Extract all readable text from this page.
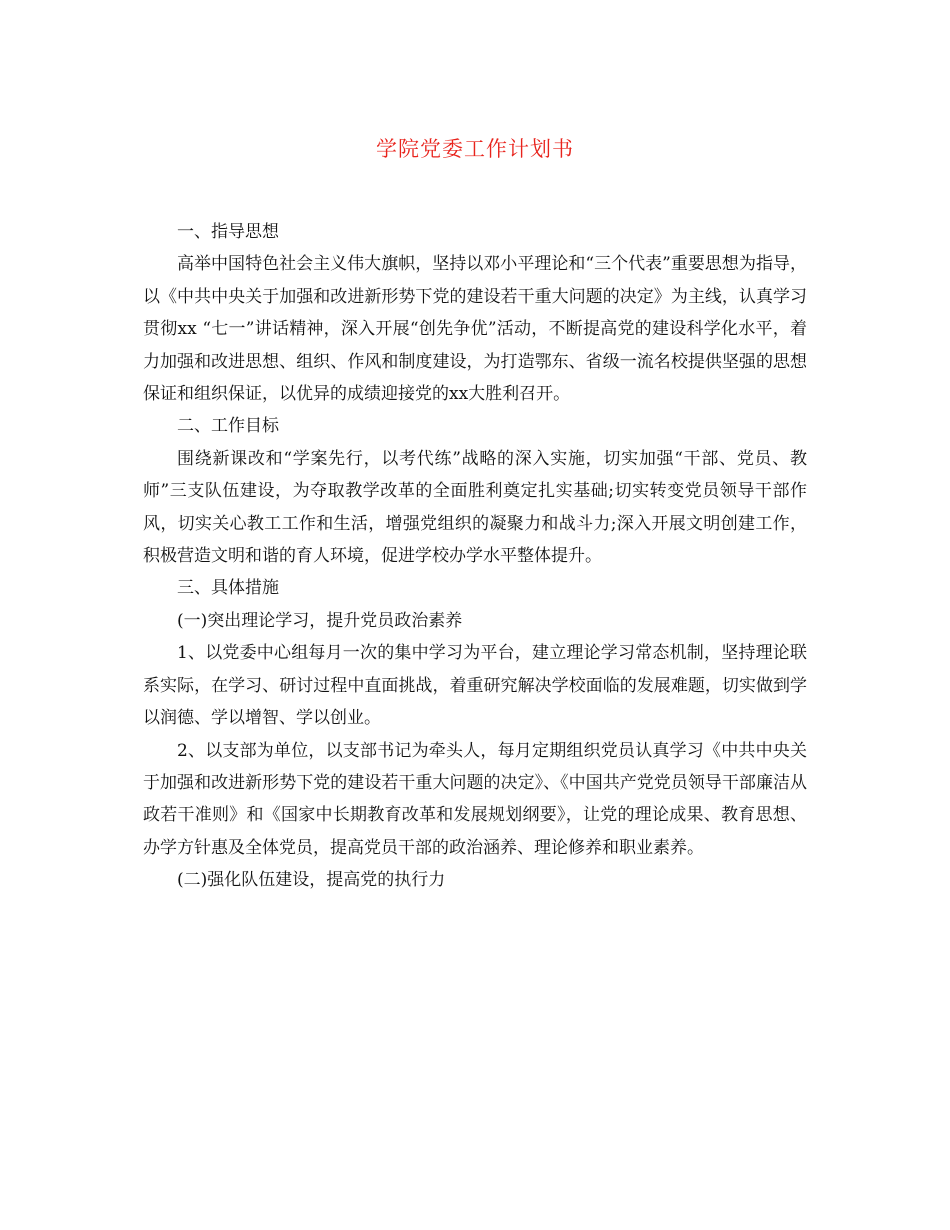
学院党委工作计划书

一、指导思想

高举中国特色社会主义伟大旗帜，坚持以邓小平理论和“三个代表”重要思想为指导，以《中共中央关于加强和改进新形势下党的建设若干重大问题的决定》为主线，认真学习贯彻xx “七一”讲话精神，深入开展“创先争优”活动，不断提高党的建设科学化水平，着力加强和改进思想、组织、作风和制度建设，为打造鄂东、省级一流名校提供坚强的思想保证和组织保证，以优异的成绩迎接党的xx大胜利召开。

二、工作目标

围绕新课改和“学案先行，以考代练”战略的深入实施，切实加强“干部、党员、教师”三支队伍建设，为夺取教学改革的全面胜利奠定扎实基础;切实转变党员领导干部作风，切实关心教工工作和生活，增强党组织的凝聚力和战斗力;深入开展文明创建工作，积极营造文明和谐的育人环境，促进学校办学水平整体提升。

三、具体措施

(一)突出理论学习，提升党员政治素养

1、以党委中心组每月一次的集中学习为平台，建立理论学习常态机制，坚持理论联系实际，在学习、研讨过程中直面挑战，着重研究解决学校面临的发展难题，切实做到学以润德、学以增智、学以创业。

2、以支部为单位，以支部书记为牵头人，每月定期组织党员认真学习《中共中央关于加强和改进新形势下党的建设若干重大问题的决定》、《中国共产党党员领导干部廉洁从政若干准则》和《国家中长期教育改革和发展规划纲要》，让党的理论成果、教育思想、办学方针惠及全体党员，提高党员干部的政治涵养、理论修养和职业素养。

(二)强化队伍建设，提高党的执行力
